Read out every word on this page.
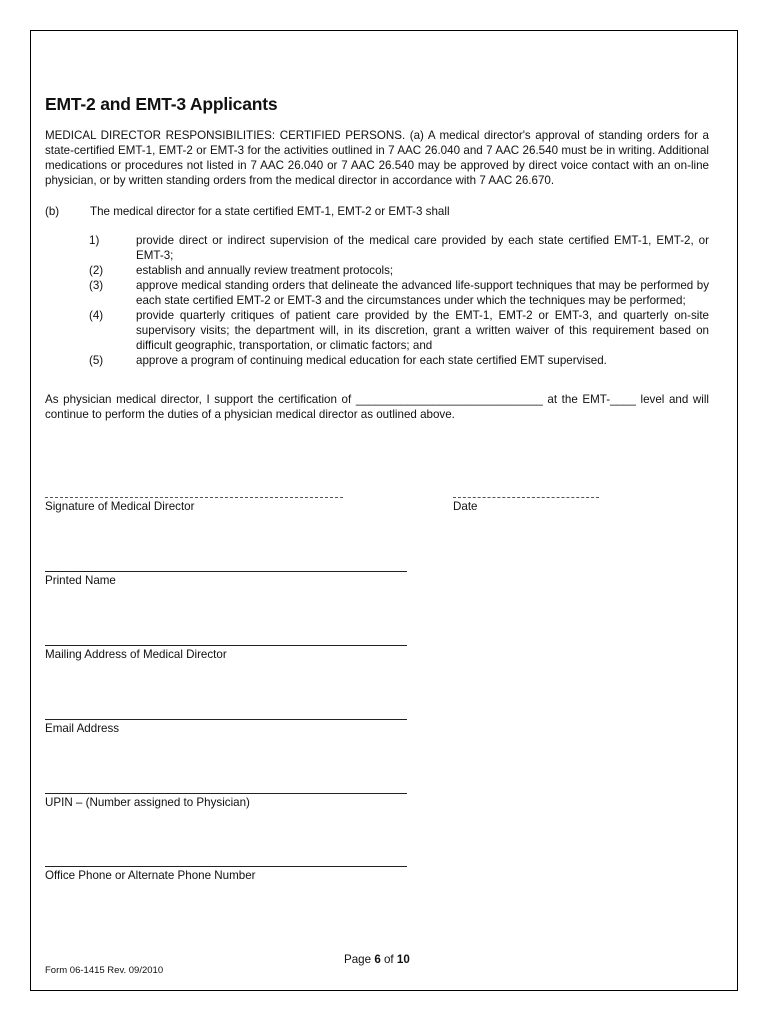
EMT-2 and EMT-3 Applicants

MEDICAL DIRECTOR RESPONSIBILITIES: CERTIFIED PERSONS. (a) A medical director's approval of standing orders for a state-certified EMT-1, EMT-2 or EMT-3 for the activities outlined in 7 AAC 26.040 and 7 AAC 26.540 must be in writing. Additional medications or procedures not listed in 7 AAC 26.040 or 7 AAC 26.540 may be approved by direct voice contact with an on-line physician, or by written standing orders from the medical director in accordance with 7 AAC 26.670.

(b)	The medical director for a state certified EMT-1, EMT-2 or EMT-3 shall
1)	provide direct or indirect supervision of the medical care provided by each state certified EMT-1, EMT-2, or EMT-3;
(2)	establish and annually review treatment protocols;
(3)	approve medical standing orders that delineate the advanced life-support techniques that may be performed by each state certified EMT-2 or EMT-3 and the circumstances under which the techniques may be performed;
(4)	provide quarterly critiques of patient care provided by the EMT-1, EMT-2 or EMT-3, and quarterly on-site supervisory visits; the department will, in its discretion, grant a written waiver of this requirement based on difficult geographic, transportation, or climatic factors; and
(5)	approve a program of continuing medical education for each state certified EMT supervised.

As physician medical director, I support the certification of _____________________________ at the EMT-____ level and will continue to perform the duties of a physician medical director as outlined above.

Signature of Medical Director	Date
Printed Name
Mailing Address of Medical Director
Email Address
UPIN – (Number assigned to Physician)
Office Phone or Alternate Phone Number
Page 6 of 10
Form 06-1415 Rev. 09/2010
